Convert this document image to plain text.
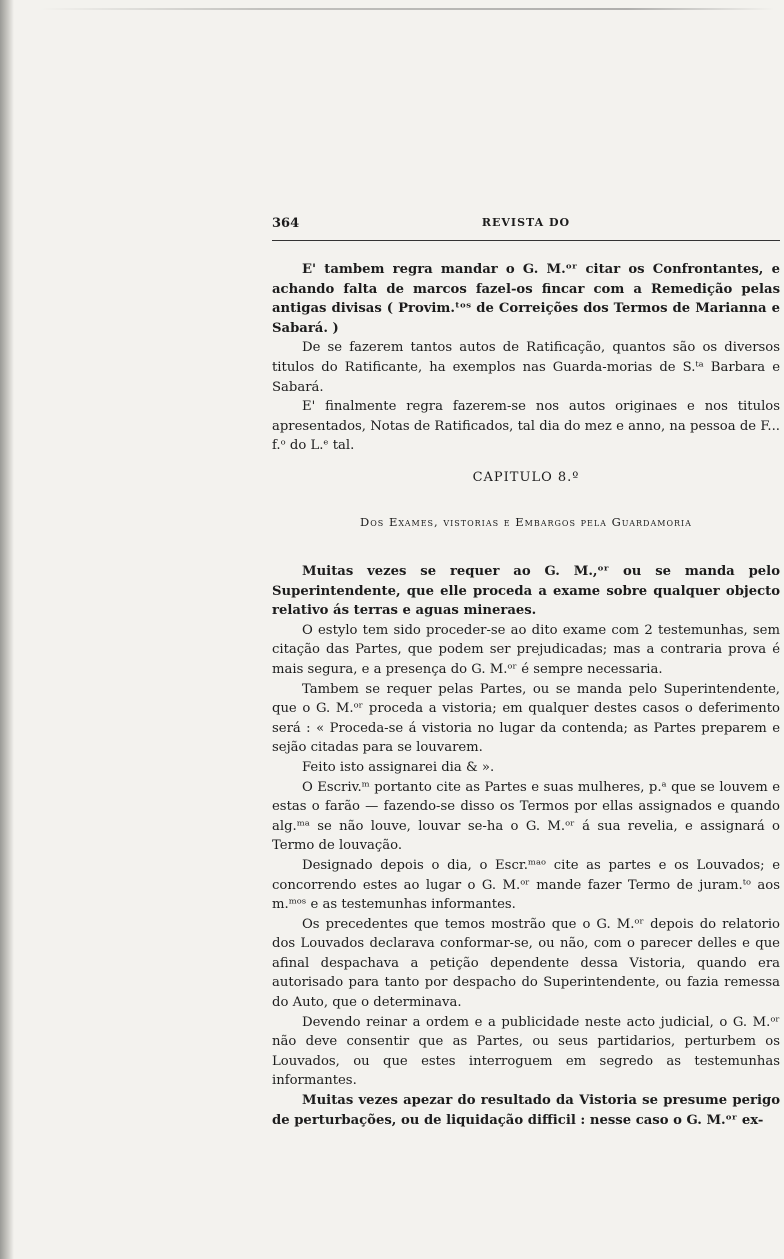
364	REVISTA DO

E' tambem regra mandar o G. M.ᵒʳ citar os Confrontantes, e achando falta de marcos fazel-os fincar com a Remedição pelas antigas divisas ( Provim.ᵗᵒˢ de Correições dos Termos de Marianna e Sabará. )

De se fazerem tantos autos de Ratificação, quantos são os diversos titulos do Ratificante, ha exemplos nas Guarda-morias de S.ᵗᵃ Barbara e Sabará.

E' finalmente regra fazerem-se nos autos originaes e nos titulos apresentados, Notas de Ratificados, tal dia do mez e anno, na pessoa de F... f.ᵒ do L.ᵉ tal.

CAPITULO 8.º
Dos Exames, vistorias e Embargos pela Guardamoria

Muitas vezes se requer ao G. M.,ᵒʳ ou se manda pelo Superintendente, que elle proceda a exame sobre qualquer objecto relativo ás terras e aguas mineraes.

O estylo tem sido proceder-se ao dito exame com 2 testemunhas, sem citação das Partes, que podem ser prejudicadas; mas a contraria prova é mais segura, e a presença do G. M.ᵒʳ é sempre necessaria.

Tambem se requer pelas Partes, ou se manda pelo Superintendente, que o G. M.ᵒʳ proceda a vistoria; em qualquer destes casos o deferimento será : « Proceda-se á vistoria no lugar da contenda; as Partes preparem e sejão citadas para se louvarem.

Feito isto assignarei dia & ».

O Escriv.ᵐ portanto cite as Partes e suas mulheres, p.ᵃ que se louvem e estas o farão — fazendo-se disso os Termos por ellas assignados e quando alg.ᵐᵃ se não louve, louvar se-ha o G. M.ᵒʳ á sua revelia, e assignará o Termo de louvação.

Designado depois o dia, o Escr.ᵐᵃᵒ cite as partes e os Louvados; e concorrendo estes ao lugar o G. M.ᵒʳ mande fazer Termo de juram.ᵗᵒ aos m.ᵐᵒˢ e as testemunhas informantes.

Os precedentes que temos mostrão que o G. M.ᵒʳ depois do relatorio dos Louvados declarava conformar-se, ou não, com o parecer delles e que afinal despachava a petição dependente dessa Vistoria, quando era autorisado para tanto por despacho do Superintendente, ou fazia remessa do Auto, que o determinava.

Devendo reinar a ordem e a publicidade neste acto judicial, o G. M.ᵒʳ não deve consentir que as Partes, ou seus partidarios, perturbem os Louvados, ou que estes interroguem em segredo as testemunhas informantes.

Muitas vezes apezar do resultado da Vistoria se presume perigo de perturbações, ou de liquidação difficil : nesse caso o G. M.ᵒʳ ex-
